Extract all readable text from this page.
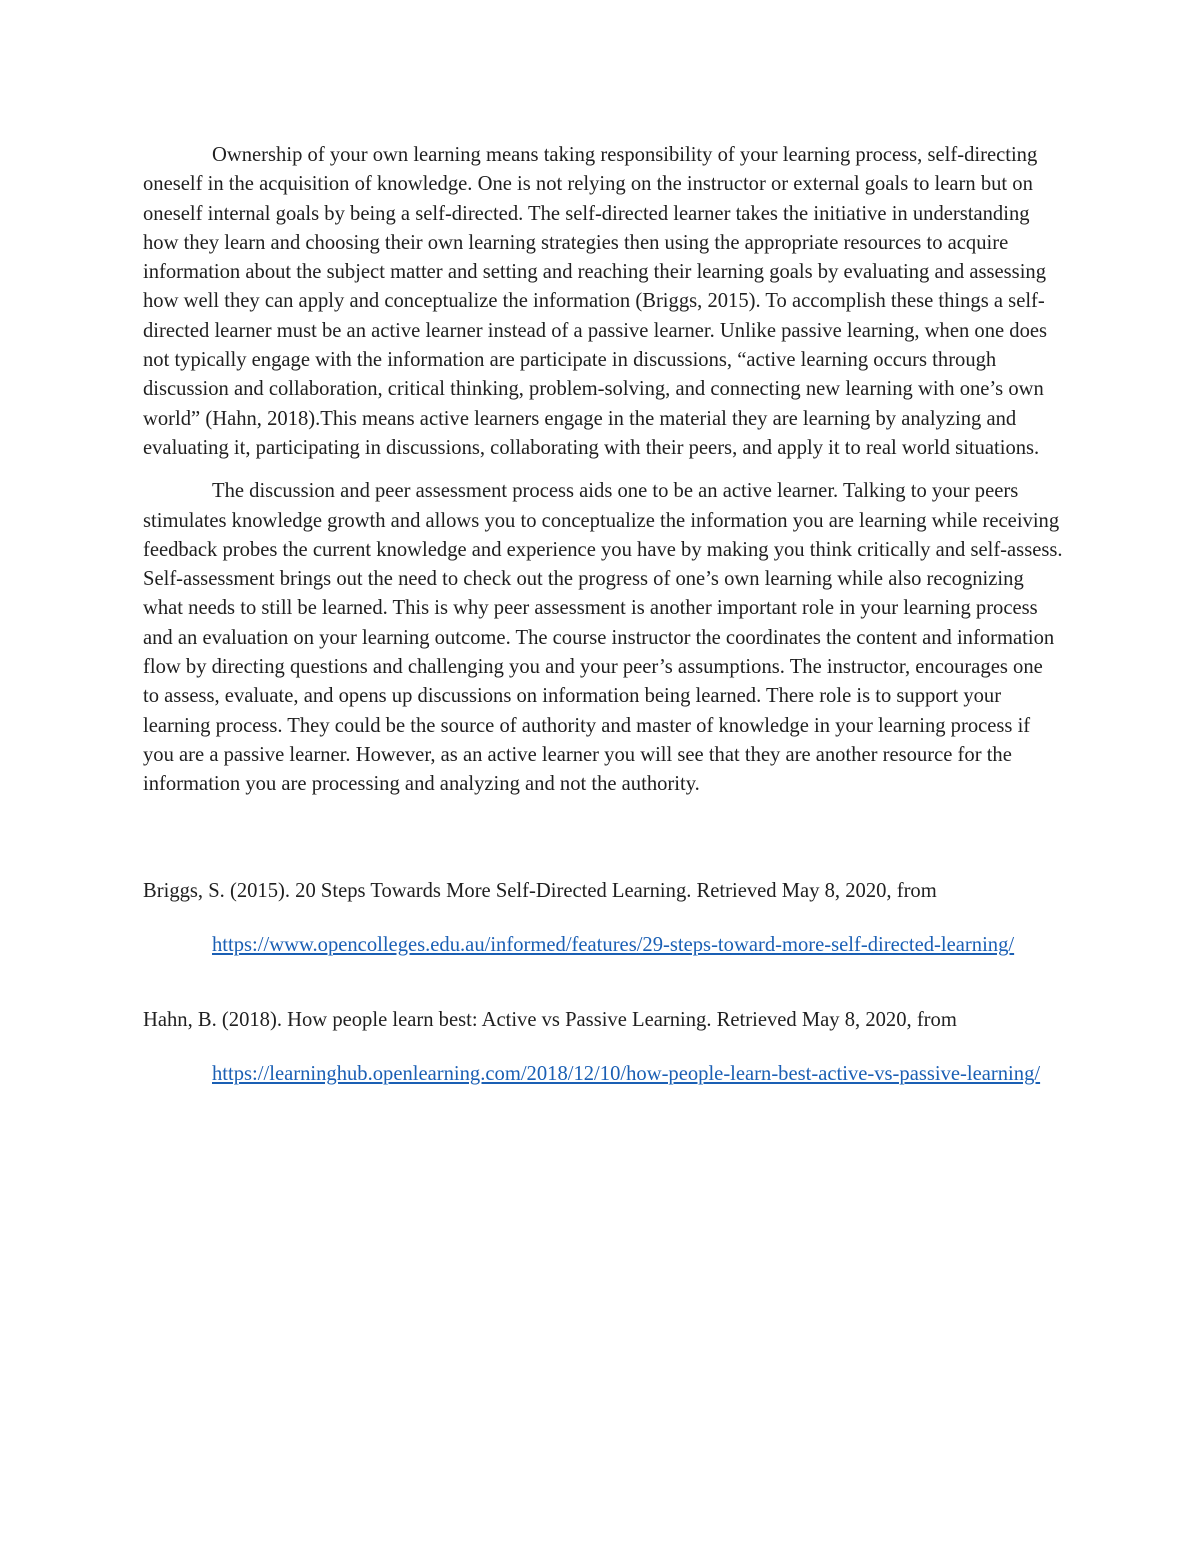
Ownership of your own learning means taking responsibility of your learning process, self-directing oneself in the acquisition of knowledge. One is not relying on the instructor or external goals to learn but on oneself internal goals by being a self-directed. The self-directed learner takes the initiative in understanding how they learn and choosing their own learning strategies then using the appropriate resources to acquire information about the subject matter and setting and reaching their learning goals by evaluating and assessing how well they can apply and conceptualize the information (Briggs, 2015). To accomplish these things a self-directed learner must be an active learner instead of a passive learner. Unlike passive learning, when one does not typically engage with the information are participate in discussions, “active learning occurs through discussion and collaboration, critical thinking, problem-solving, and connecting new learning with one’s own world” (Hahn, 2018).This means active learners engage in the material they are learning by analyzing and evaluating it, participating in discussions, collaborating with their peers, and apply it to real world situations.

The discussion and peer assessment process aids one to be an active learner. Talking to your peers stimulates knowledge growth and allows you to conceptualize the information you are learning while receiving feedback probes the current knowledge and experience you have by making you think critically and self-assess. Self-assessment brings out the need to check out the progress of one’s own learning while also recognizing what needs to still be learned. This is why peer assessment is another important role in your learning process and an evaluation on your learning outcome. The course instructor the coordinates the content and information flow by directing questions and challenging you and your peer’s assumptions. The instructor, encourages one to assess, evaluate, and opens up discussions on information being learned. There role is to support your learning process. They could be the source of authority and master of knowledge in your learning process if you are a passive learner. However, as an active learner you will see that they are another resource for the information you are processing and analyzing and not the authority.

Briggs, S. (2015). 20 Steps Towards More Self-Directed Learning. Retrieved May 8, 2020, from https://www.opencolleges.edu.au/informed/features/29-steps-toward-more-self-directed-learning/

Hahn, B. (2018). How people learn best: Active vs Passive Learning. Retrieved May 8, 2020, from https://learninghub.openlearning.com/2018/12/10/how-people-learn-best-active-vs-passive-learning/
